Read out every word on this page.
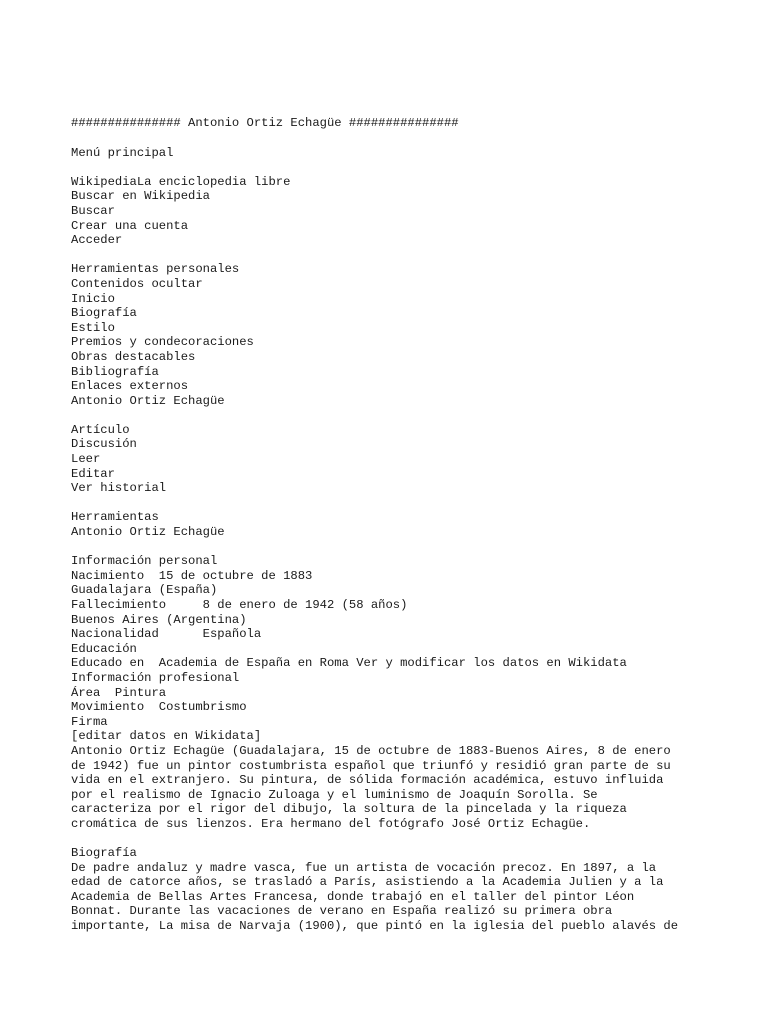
############### Antonio Ortiz Echagüe ###############
Menú principal
WikipediaLa enciclopedia libre
Buscar en Wikipedia
Buscar
Crear una cuenta
Acceder
Herramientas personales
Contenidos ocultar
Inicio
Biografía
Estilo
Premios y condecoraciones
Obras destacables
Bibliografía
Enlaces externos
Antonio Ortiz Echagüe
Artículo
Discusión
Leer
Editar
Ver historial
Herramientas
Antonio Ortiz Echagüe
Información personal
Nacimiento  15 de octubre de 1883
Guadalajara (España)
Fallecimiento     8 de enero de 1942 (58 años)
Buenos Aires (Argentina)
Nacionalidad      Española
Educación
Educado en  Academia de España en Roma Ver y modificar los datos en Wikidata
Información profesional
Área  Pintura
Movimiento  Costumbrismo
Firma
[editar datos en Wikidata]
Antonio Ortiz Echagüe (Guadalajara, 15 de octubre de 1883-Buenos Aires, 8 de enero
de 1942) fue un pintor costumbrista español que triunfó y residió gran parte de su
vida en el extranjero. Su pintura, de sólida formación académica, estuvo influida
por el realismo de Ignacio Zuloaga y el luminismo de Joaquín Sorolla. Se
caracteriza por el rigor del dibujo, la soltura de la pincelada y la riqueza
cromática de sus lienzos. Era hermano del fotógrafo José Ortiz Echagüe.
Biografía
De padre andaluz y madre vasca, fue un artista de vocación precoz. En 1897, a la
edad de catorce años, se trasladó a París, asistiendo a la Academia Julien y a la
Academia de Bellas Artes Francesa, donde trabajó en el taller del pintor Léon
Bonnat. Durante las vacaciones de verano en España realizó su primera obra
importante, La misa de Narvaja (1900), que pintó en la iglesia del pueblo alavés de
